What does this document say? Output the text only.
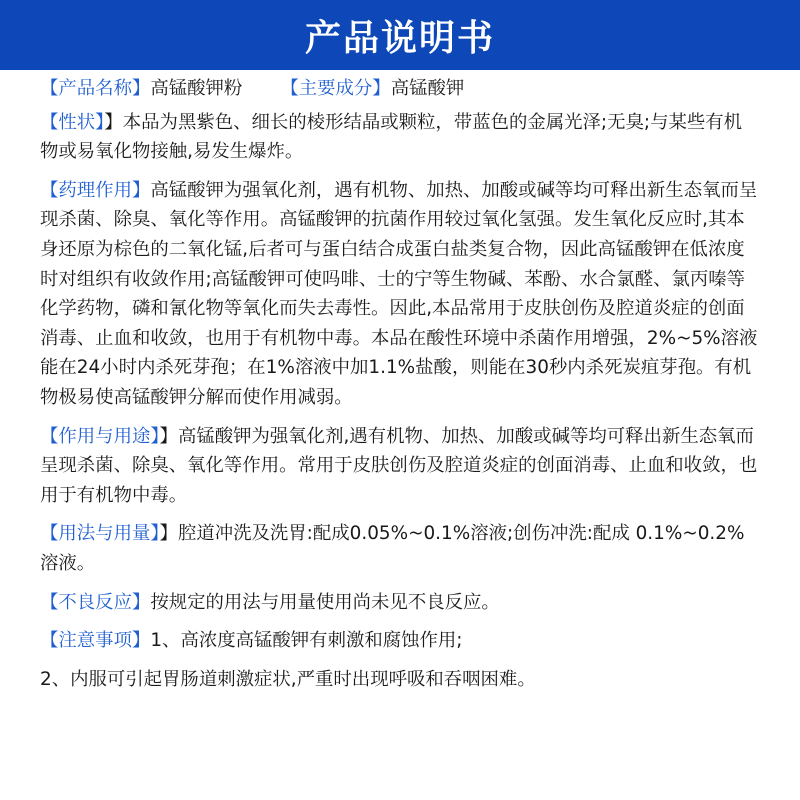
产品说明书
【产品名称】高锰酸钾粉 【主要成分】高锰酸钾

【性状】】本品为黑紫色、细长的棱形结晶或颗粒，带蓝色的金属光泽;无臭;与某些有机物或易氧化物接触,易发生爆炸。

【药理作用】高锰酸钾为强氧化剂，遇有机物、加热、加酸或碱等均可释出新生态氧而呈现杀菌、除臭、氧化等作用。高锰酸钾的抗菌作用较过氧化氢强。发生氧化反应时,其本身还原为棕色的二氧化锰,后者可与蛋白结合成蛋白盐类复合物，因此高锰酸钾在低浓度时对组织有收敛作用;高锰酸钾可使吗啡、士的宁等生物碱、苯酚、水合氯醛、氯丙嗪等化学药物，磷和氰化物等氧化而失去毒性。因此,本品常用于皮肤创伤及腔道炎症的创面消毒、止血和收敛，也用于有机物中毒。本品在酸性环境中杀菌作用增强，2%~5%溶液能在24小时内杀死芽孢；在1%溶液中加1.1%盐酸，则能在30秒内杀死炭疽芽孢。有机物极易使高锰酸钾分解而使作用减弱。

【作用与用途】】高锰酸钾为强氧化剂,遇有机物、加热、加酸或碱等均可释出新生态氧而呈现杀菌、除臭、氧化等作用。常用于皮肤创伤及腔道炎症的创面消毒、止血和收敛，也用于有机物中毒。

【用法与用量】】腔道冲洗及洗胃:配成0.05%~0.1%溶液;创伤冲洗:配成 0.1%~0.2%溶液。

【不良反应】按规定的用法与用量使用尚未见不良反应。

【注意事项】1、高浓度高锰酸钾有刺激和腐蚀作用;

2、内服可引起胃肠道刺激症状,严重时出现呼吸和吞咽困难。
